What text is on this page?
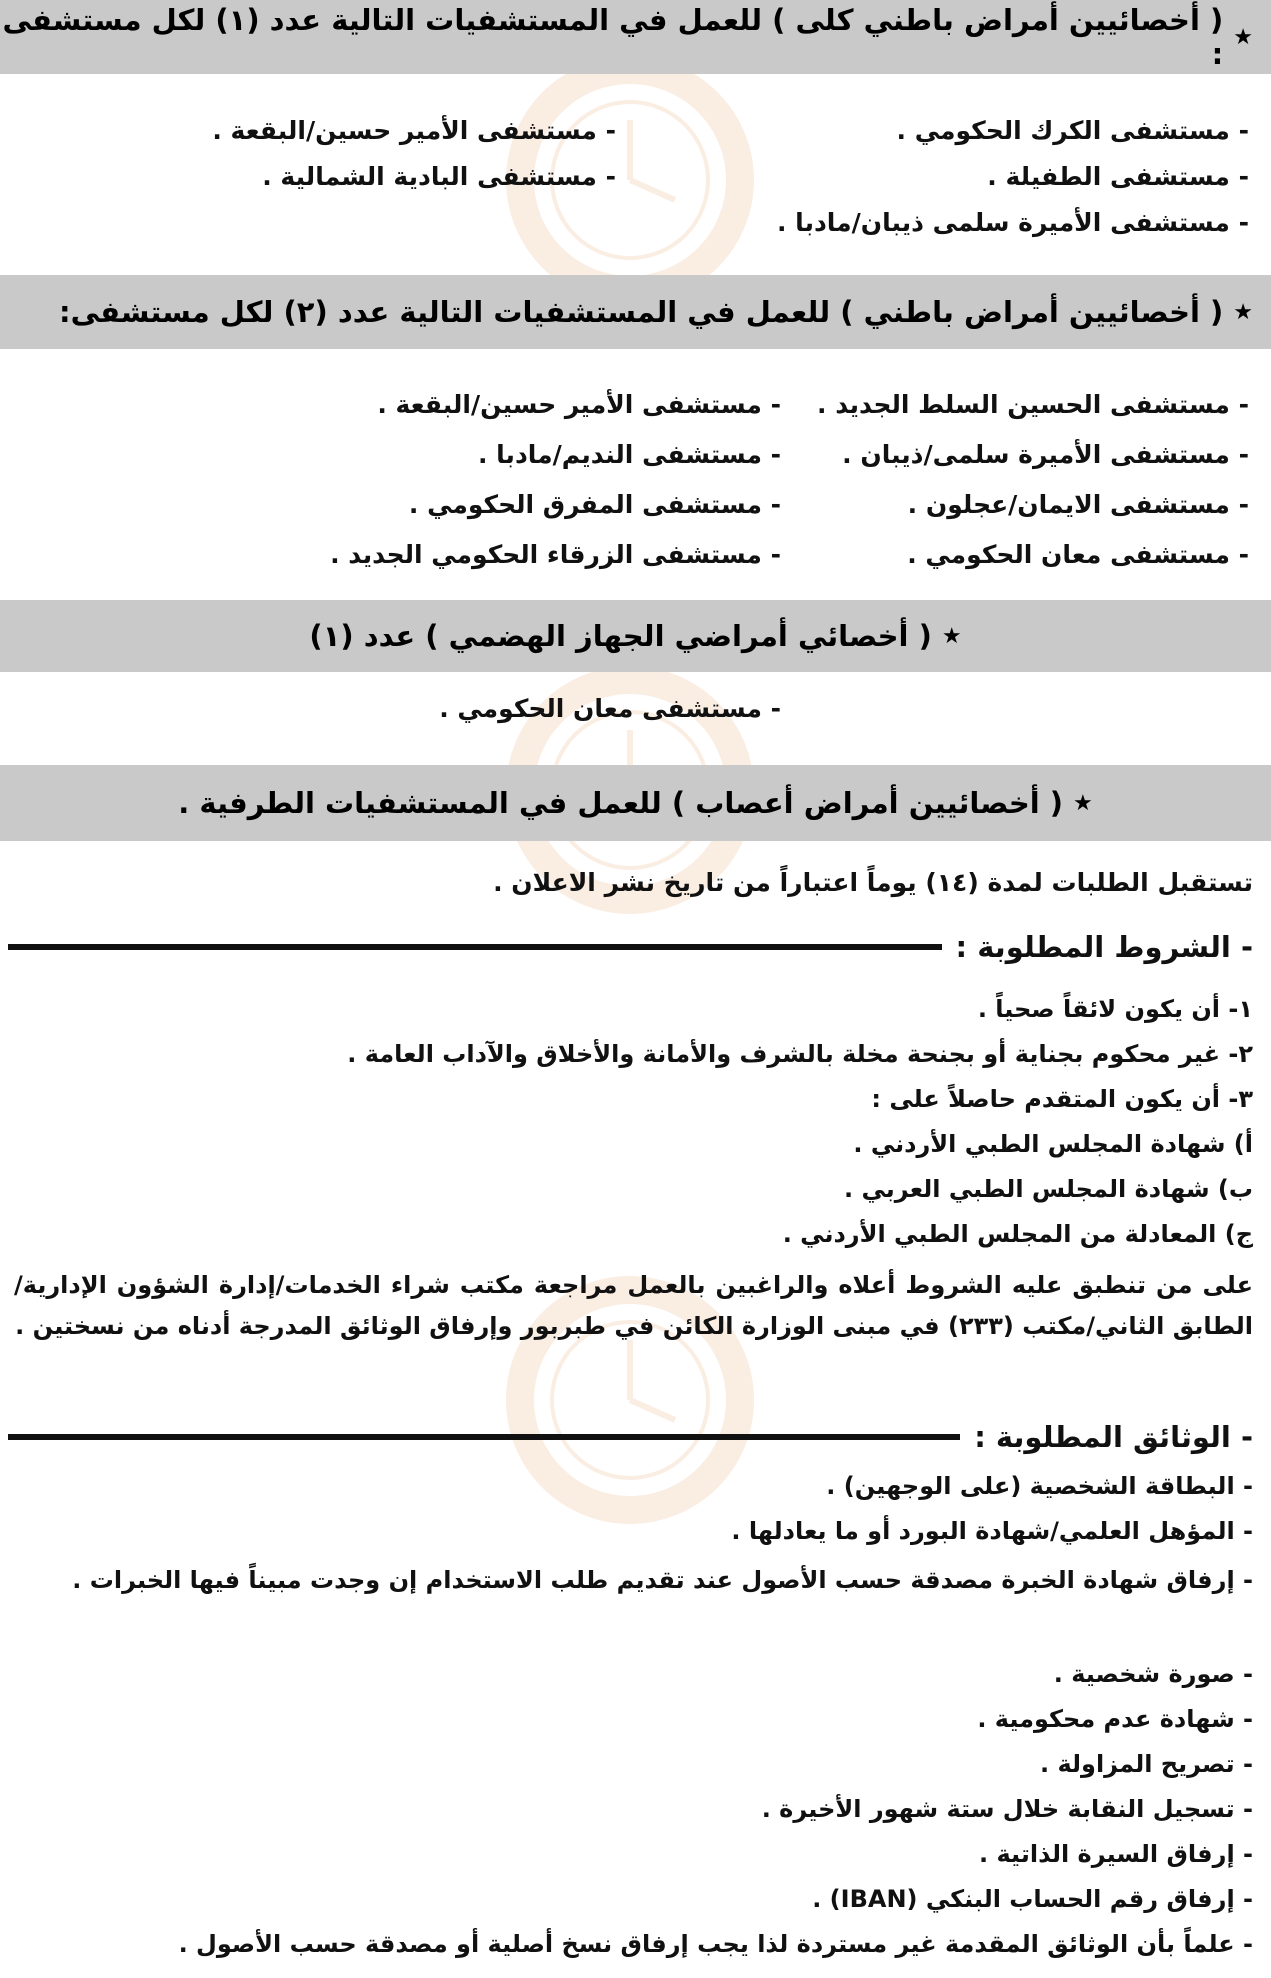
★
( أخصائيين أمراض باطني كلى ) للعمل في المستشفيات التالية عدد (١) لكل مستشفى :
- مستشفى الكرك الحكومي .
- مستشفى الأمير حسين/البقعة .
- مستشفى الطفيلة .
- مستشفى البادية الشمالية .
- مستشفى الأميرة سلمى ذيبان/مادبا .
★
( أخصائيين أمراض باطني ) للعمل في المستشفيات التالية عدد (٢) لكل مستشفى:
- مستشفى الحسين السلط الجديد .
- مستشفى الأمير حسين/البقعة .
- مستشفى الأميرة سلمى/ذيبان .
- مستشفى النديم/مادبا .
- مستشفى الايمان/عجلون .
- مستشفى المفرق الحكومي .
- مستشفى معان الحكومي .
- مستشفى الزرقاء الحكومي الجديد .
★
( أخصائي أمراضي الجهاز الهضمي ) عدد (١)
- مستشفى معان الحكومي .
★
( أخصائيين أمراض أعصاب ) للعمل في المستشفيات الطرفية .
تستقبل الطلبات لمدة (١٤) يوماً اعتباراً من تاريخ نشر الاعلان .
- الشروط المطلوبة :
١- أن يكون لائقاً صحياً .
٢- غير محكوم بجناية أو بجنحة مخلة بالشرف والأمانة والأخلاق والآداب العامة .
٣- أن يكون المتقدم حاصلاً على :
أ) شهادة المجلس الطبي الأردني .
ب) شهادة المجلس الطبي العربي .
ج) المعادلة من المجلس الطبي الأردني .
على من تنطبق عليه الشروط أعلاه والراغبين بالعمل مراجعة مكتب شراء الخدمات/إدارة الشؤون الإدارية/الطابق الثاني/مكتب (٢٣٣) في مبنى الوزارة الكائن في طبربور وإرفاق الوثائق المدرجة أدناه من نسختين .
- الوثائق المطلوبة :
- البطاقة الشخصية (على الوجهين) .
- المؤهل العلمي/شهادة البورد أو ما يعادلها .
- إرفاق شهادة الخبرة مصدقة حسب الأصول عند تقديم طلب الاستخدام إن وجدت مبيناً فيها الخبرات .
- صورة شخصية .
- شهادة عدم محكومية .
- تصريح المزاولة .
- تسجيل النقابة خلال ستة شهور الأخيرة .
- إرفاق السيرة الذاتية .
- إرفاق رقم الحساب البنكي (IBAN) .
- علماً بأن الوثائق المقدمة غير مستردة لذا يجب إرفاق نسخ أصلية أو مصدقة حسب الأصول .
